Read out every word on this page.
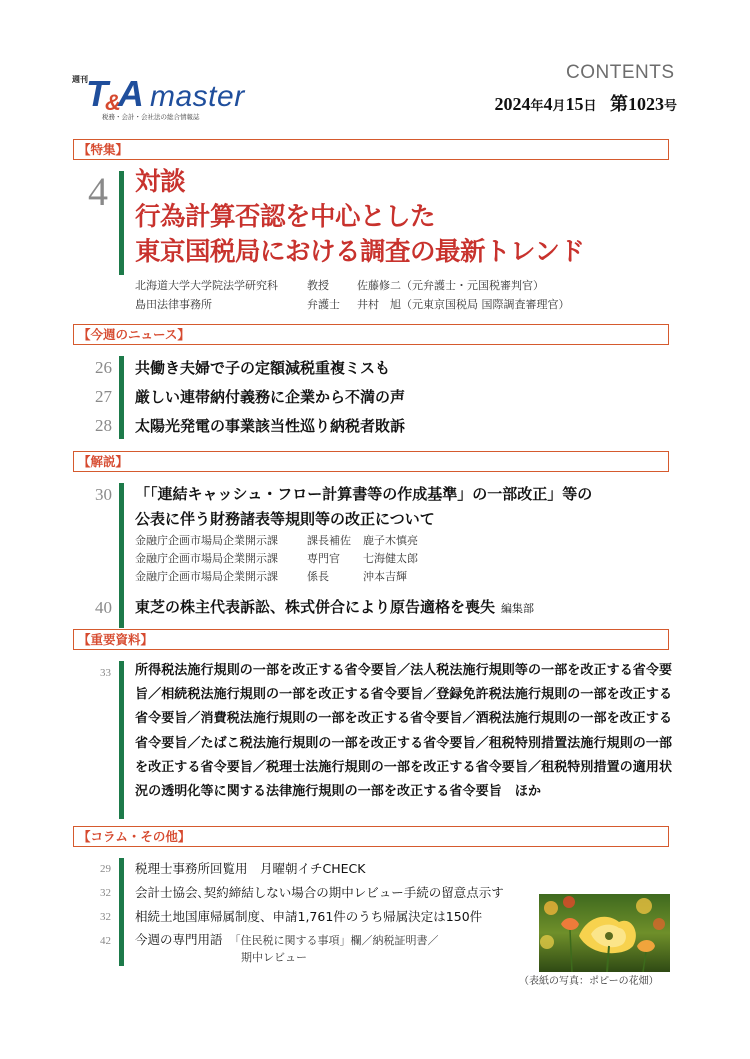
週刊
T&A master
税務・会計・会社法の総合情報誌
CONTENTS
2024年4月15日 第1023号
【特集】
4 対談
行為計算否認を中心とした
東京国税局における調査の最新トレンド
北海道大学大学院法学研究科	教授	佐藤修二（元弁護士・元国税審判官）
島田法律事務所	弁護士 井村　旭（元東京国税局 国際調査審理官）
【今週のニュース】
26 共働き夫婦で子の定額減税重複ミスも
27 厳しい連帯納付義務に企業から不満の声
28 太陽光発電の事業該当性巡り納税者敗訴
【解説】
30 「「連結キャッシュ・フロー計算書等の作成基準」の一部改正」等の
公表に伴う財務諸表等規則等の改正について
金融庁企画市場局企業開示課	課長補佐 鹿子木慎亮
金融庁企画市場局企業開示課	専門官 七海健太郎
金融庁企画市場局企業開示課	係長	沖本吉輝
40 東芝の株主代表訴訟、株式併合により原告適格を喪失 編集部
【重要資料】
33 所得税法施行規則の一部を改正する省令要旨／法人税法施行規則等の一部を改正する省令要旨／相続税法施行規則の一部を改正する省令要旨／登録免許税法施行規則の一部を改正する省令要旨／消費税法施行規則の一部を改正する省令要旨／酒税法施行規則の一部を改正する省令要旨／たばこ税法施行規則の一部を改正する省令要旨／租税特別措置法施行規則の一部を改正する省令要旨／税理士法施行規則の一部を改正する省令要旨／租税特別措置の適用状況の透明化等に関する法律施行規則の一部を改正する省令要旨　ほか
【コラム・その他】
29 税理士事務所回覧用　月曜朝イチCHECK
32 会計士協会､契約締結しない場合の期中レビュー手続の留意点示す
32 相続土地国庫帰属制度、申請1,761件のうち帰属決定は150件
42 今週の専門用語　 「住民税に関する事項」欄／納税証明書／
期中レビュー
（表紙の写真：ポピーの花畑）
